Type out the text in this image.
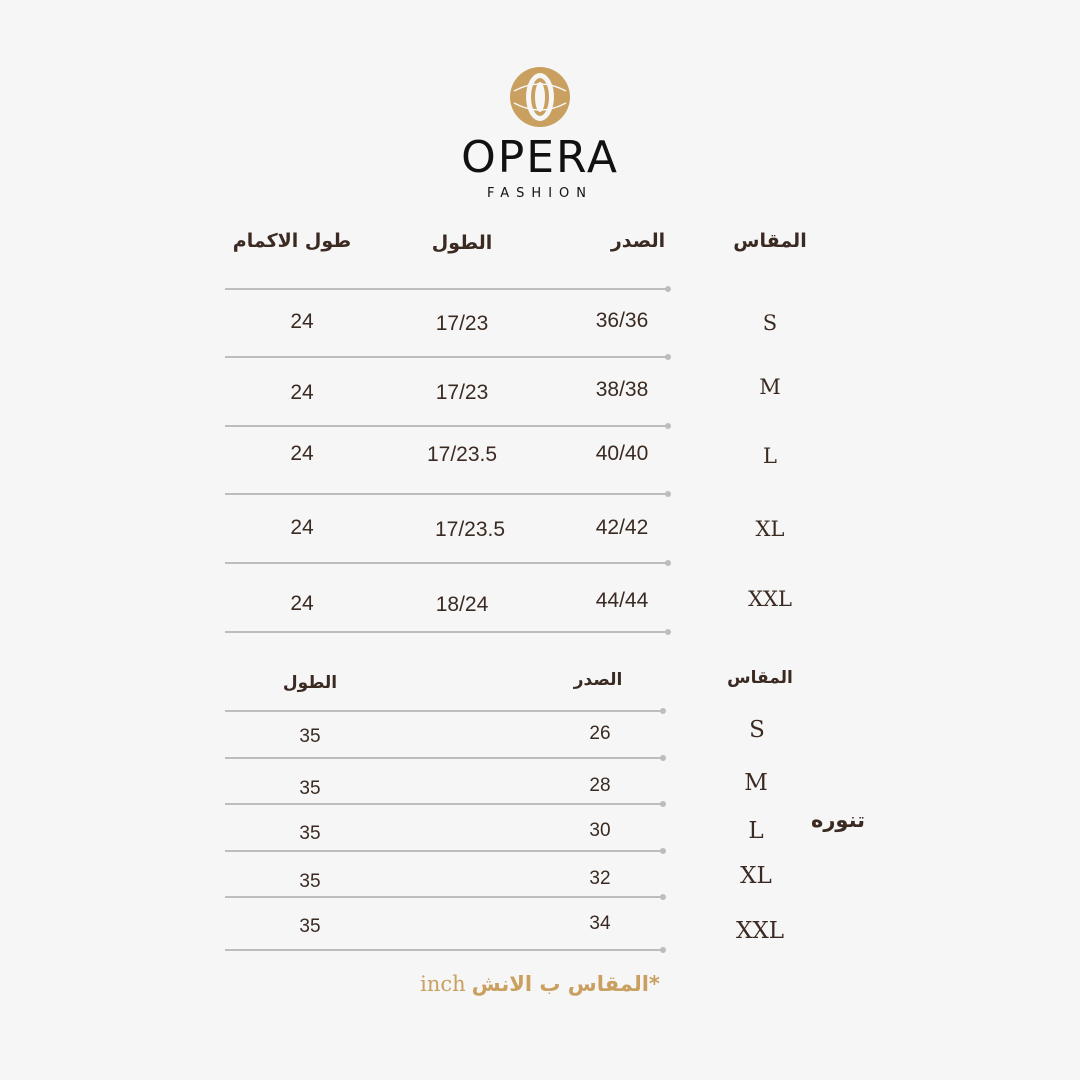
OPERA
FASHION
المقاس
الصدر
الطول
طول الاكمام
S
36/36
17/23
24
M
38/38
17/23
24
L
40/40
17/23.5
24
XL
42/42
17/23.5
24
XXL
44/44
18/24
24
المقاس
الصدر
الطول
S
26
35
M
28
35
L
30
35
XL
32
35
XXL
34
35
تنوره
inch *المقاس ب الانش
